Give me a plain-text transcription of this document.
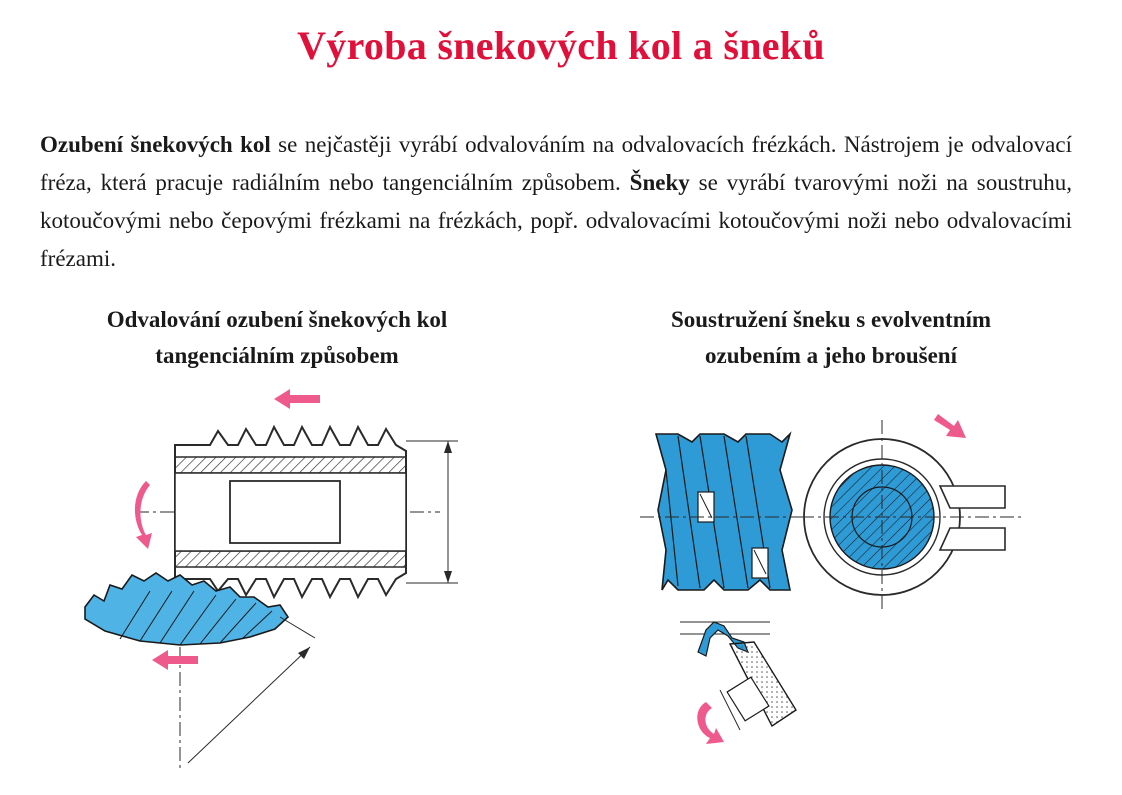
Výroba šnekových kol a šneků

Ozubení šnekových kol se nejčastěji vyrábí odvalováním na odvalovacích frézkách. Nástrojem je odvalovací fréza, která pracuje radiálním nebo tangenciálním způsobem. Šneky se vyrábí tvarovými noži na soustruhu, kotoučovými nebo čepovými frézkami na frézkách, popř. odvalovacími kotoučovými noži nebo odvalovacími frézami.

Odvalování ozubení šnekových kol
tangenciálním způsobem
Soustružení šneku s evolventním
ozubením a jeho broušení
